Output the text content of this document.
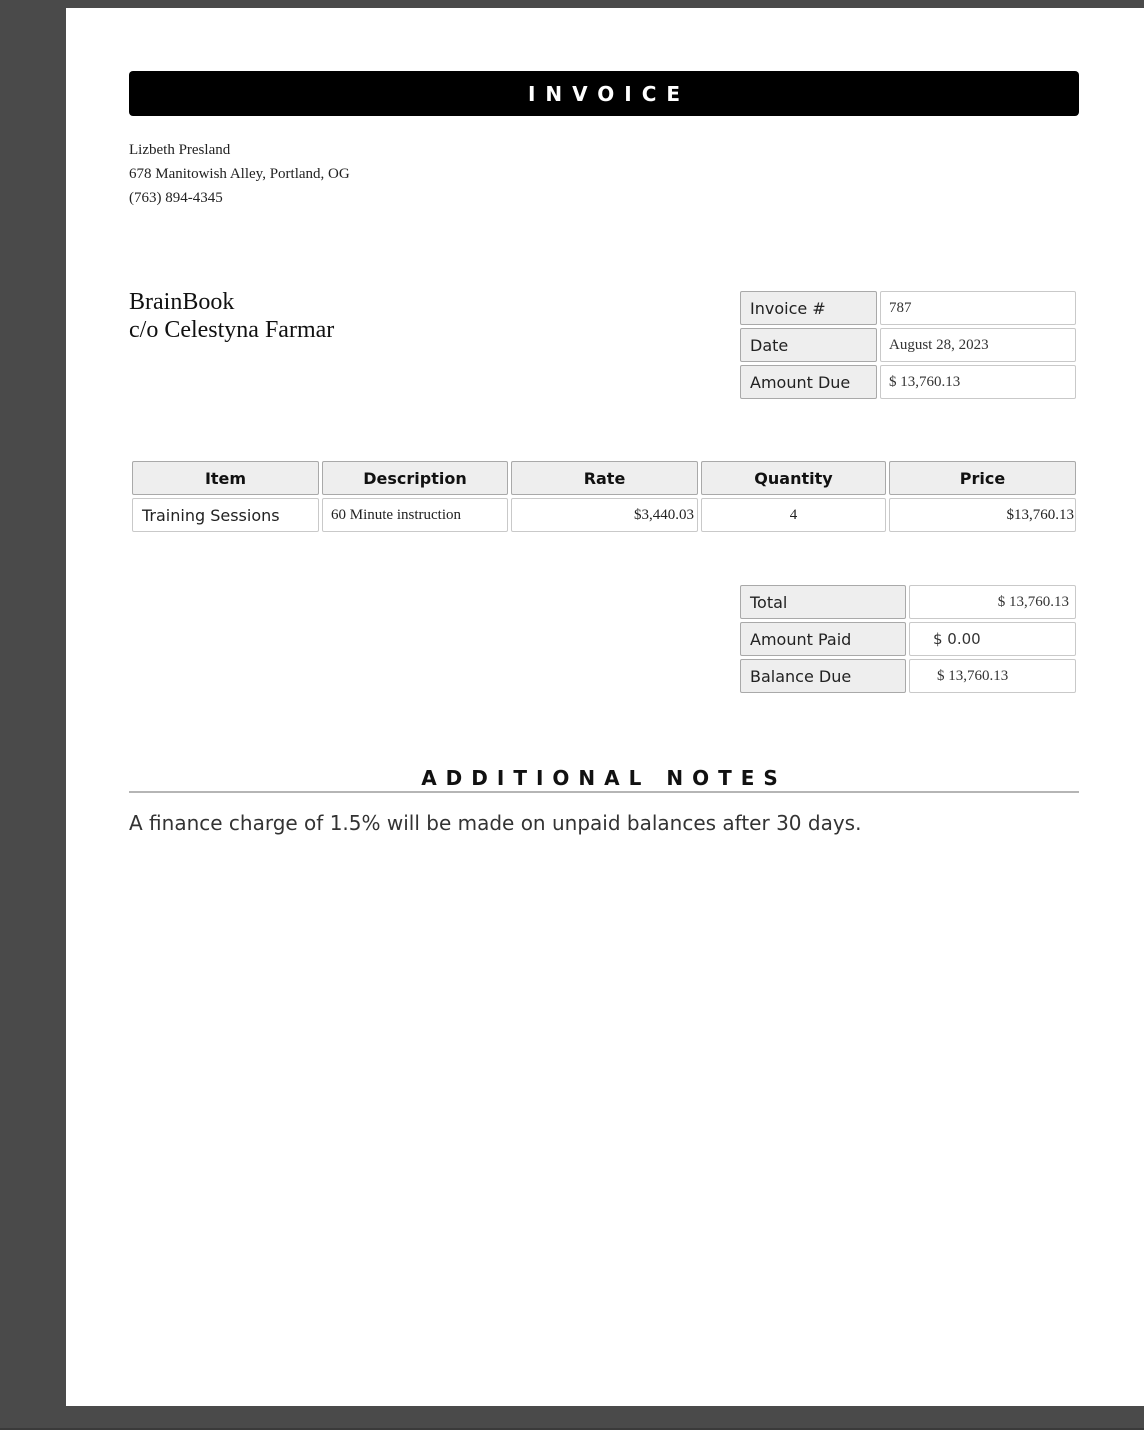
INVOICE
Lizbeth Presland
678 Manitowish Alley, Portland, OG
(763) 894-4345
BrainBook
c/o Celestyna Farmar
Invoice #	787
Date	August 28, 2023
Amount Due	$ 13,760.13
Item	Description	Rate	Quantity	Price
Training Sessions	60 Minute instruction	$3,440.03	4	$13,760.13
Total	$ 13,760.13
Amount Paid	$ 0.00
Balance Due	$ 13,760.13
ADDITIONAL NOTES
A finance charge of 1.5% will be made on unpaid balances after 30 days.
